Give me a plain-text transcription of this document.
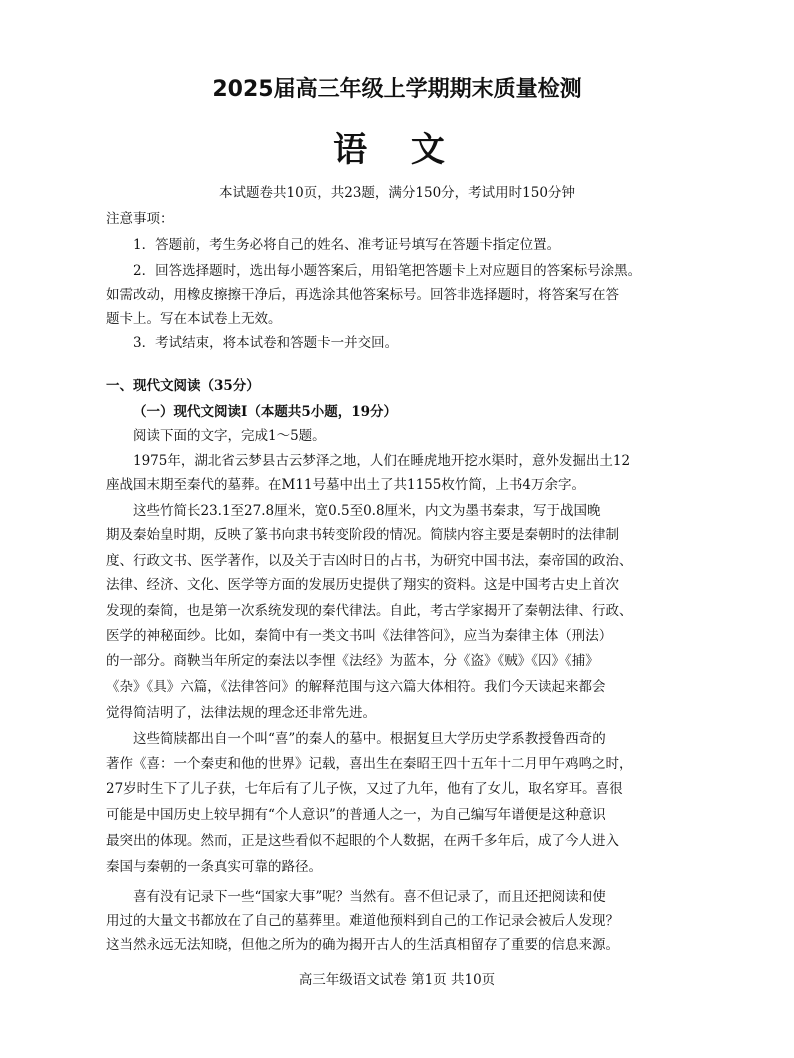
2025届高三年级上学期期末质量检测
语 文
本试题卷共10页，共23题，满分150分，考试用时150分钟
注意事项：
1．答题前，考生务必将自己的姓名、准考证号填写在答题卡指定位置。
2．回答选择题时，选出每小题答案后，用铅笔把答题卡上对应题目的答案标号涂黑。
如需改动，用橡皮擦擦干净后，再选涂其他答案标号。回答非选择题时，将答案写在答
题卡上。写在本试卷上无效。
3．考试结束，将本试卷和答题卡一并交回。
一、现代文阅读（35分）
（一）现代文阅读Ⅰ（本题共5小题，19分）
阅读下面的文字，完成1～5题。
1975年，湖北省云梦县古云梦泽之地，人们在睡虎地开挖水渠时，意外发掘出土12
座战国末期至秦代的墓葬。在M11号墓中出土了共1155枚竹简，上书4万余字。
这些竹简长23.1至27.8厘米，宽0.5至0.8厘米，内文为墨书秦隶，写于战国晚
期及秦始皇时期，反映了篆书向隶书转变阶段的情况。简牍内容主要是秦朝时的法律制
度、行政文书、医学著作，以及关于吉凶时日的占书，为研究中国书法，秦帝国的政治、
法律、经济、文化、医学等方面的发展历史提供了翔实的资料。这是中国考古史上首次
发现的秦简，也是第一次系统发现的秦代律法。自此，考古学家揭开了秦朝法律、行政、
医学的神秘面纱。比如，秦简中有一类文书叫《法律答问》，应当为秦律主体（刑法）
的一部分。商鞅当年所定的秦法以李悝《法经》为蓝本，分《盗》《贼》《囚》《捕》
《杂》《具》六篇，《法律答问》的解释范围与这六篇大体相符。我们今天读起来都会
觉得简洁明了，法律法规的理念还非常先进。
这些简牍都出自一个叫“喜”的秦人的墓中。根据复旦大学历史学系教授鲁西奇的
著作《喜：一个秦吏和他的世界》记载，喜出生在秦昭王四十五年十二月甲午鸡鸣之时，
27岁时生下了儿子获，七年后有了儿子恢，又过了九年，他有了女儿，取名穿耳。喜很
可能是中国历史上较早拥有“个人意识”的普通人之一，为自己编写年谱便是这种意识
最突出的体现。然而，正是这些看似不起眼的个人数据，在两千多年后，成了今人进入
秦国与秦朝的一条真实可靠的路径。
喜有没有记录下一些“国家大事”呢？当然有。喜不但记录了，而且还把阅读和使
用过的大量文书都放在了自己的墓葬里。难道他预料到自己的工作记录会被后人发现？
这当然永远无法知晓，但他之所为的确为揭开古人的生活真相留存了重要的信息来源。
高三年级语文试卷 第1页 共10页
